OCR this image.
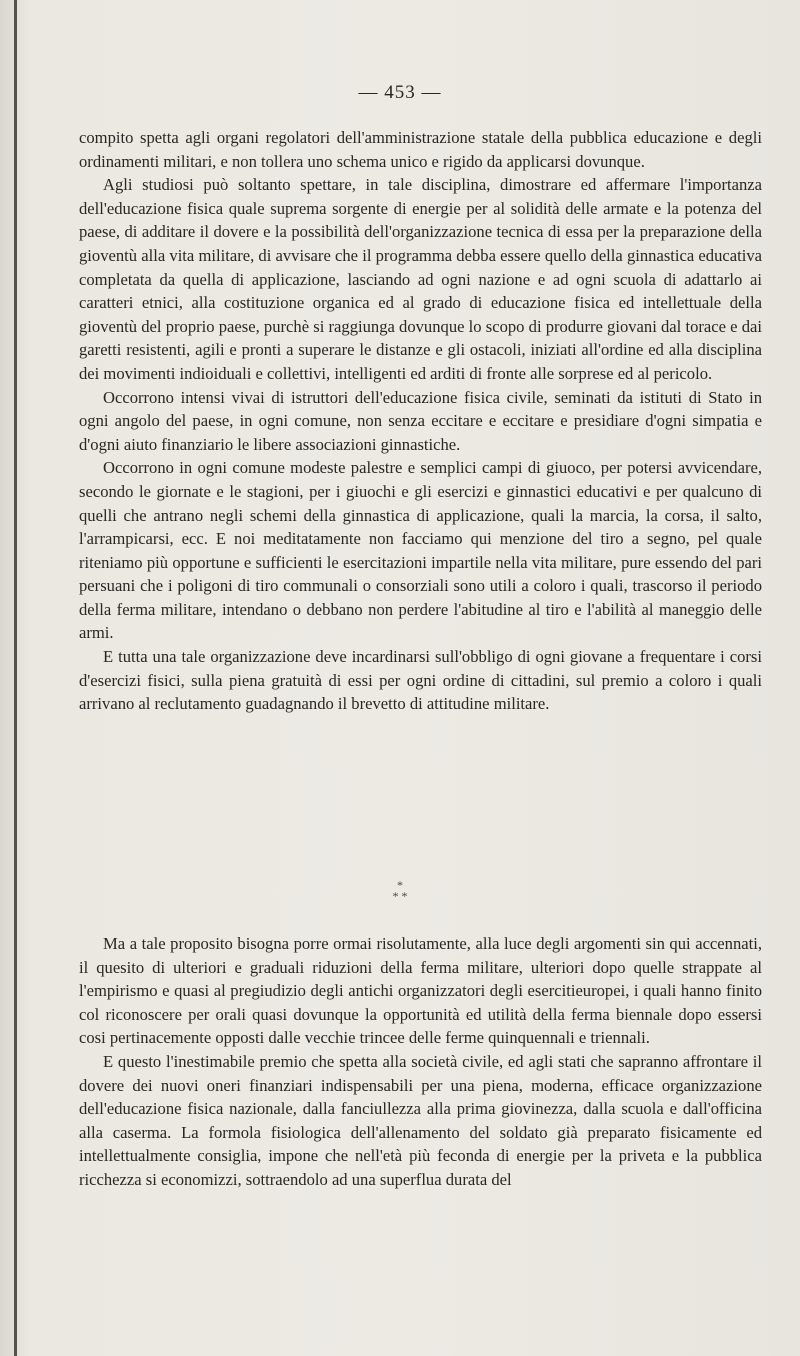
— 453 —

compito spetta agli organi regolatori dell'amministrazione statale della pubblica educazione e degli ordinamenti militari, e non tollera uno schema unico e rigido da applicarsi dovunque.

Agli studiosi può soltanto spettare, in tale disciplina, dimostrare ed affermare l'importanza dell'educazione fisica quale suprema sorgente di energie per al solidità delle armate e la potenza del paese, di additare il dovere e la possibilità dell'organizzazione tecnica di essa per la preparazione della gioventù alla vita militare, di avvisare che il programma debba essere quello della ginnastica educativa completata da quella di applicazione, lasciando ad ogni nazione e ad ogni scuola di adattarlo ai caratteri etnici, alla costituzione organica ed al grado di educazione fisica ed intellettuale della gioventù del proprio paese, purchè si raggiunga dovunque lo scopo di produrre giovani dal torace e dai garetti resistenti, agili e pronti a superare le distanze e gli ostacoli, iniziati all'ordine ed alla disciplina dei movimenti indioiduali e collettivi, intelligenti ed arditi di fronte alle sorprese ed al pericolo.

Occorrono intensi vivai di istruttori dell'educazione fisica civile, seminati da istituti di Stato in ogni angolo del paese, in ogni comune, non senza eccitare e eccitare e presidiare d'ogni simpatia e d'ogni aiuto finanziario le libere associazioni ginnastiche.

Occorrono in ogni comune modeste palestre e semplici campi di giuoco, per potersi avvicendare, secondo le giornate e le stagioni, per i giuochi e gli esercizi e ginnastici educativi e per qualcuno di quelli che antrano negli schemi della ginnastica di applicazione, quali la marcia, la corsa, il salto, l'arrampicarsi, ecc. E noi meditatamente non facciamo qui menzione del tiro a segno, pel quale riteniamo più opportune e sufficienti le esercitazioni impartile nella vita militare, pure essendo del pari persuani che i poligoni di tiro communali o consorziali sono utili a coloro i quali, trascorso il periodo della ferma militare, intendano o debbano non perdere l'abitudine al tiro e l'abilità al maneggio delle armi.

E tutta una tale organizzazione deve incardinarsi sull'obbligo di ogni giovane a frequentare i corsi d'esercizi fisici, sulla piena gratuità di essi per ogni ordine di cittadini, sul premio a coloro i quali arrivano al reclutamento guadagnando il brevetto di attitudine militare.

*
* *

Ma a tale proposito bisogna porre ormai risolutamente, alla luce degli argomenti sin qui accennati, il quesito di ulteriori e graduali riduzioni della ferma militare, ulteriori dopo quelle strappate al l'empirismo e quasi al pregiudizio degli antichi organizzatori degli esercitieuropei, i quali hanno finito col riconoscere per orali quasi dovunque la opportunità ed utilità della ferma biennale dopo essersi cosi pertinacemente opposti dalle vecchie trincee delle ferme quinquennali e triennali.

E questo l'inestimabile premio che spetta alla società civile, ed agli stati che sapranno affrontare il dovere dei nuovi oneri finanziari indispensabili per una piena, moderna, efficace organizzazione dell'educazione fisica nazionale, dalla fanciullezza alla prima giovinezza, dalla scuola e dall'officina alla caserma. La formola fisiologica dell'allenamento del soldato già preparato fisicamente ed intellettualmente consiglia, impone che nell'età più feconda di energie per la priveta e la pubblica ricchezza si economizzi, sottraendolo ad una superflua durata del
